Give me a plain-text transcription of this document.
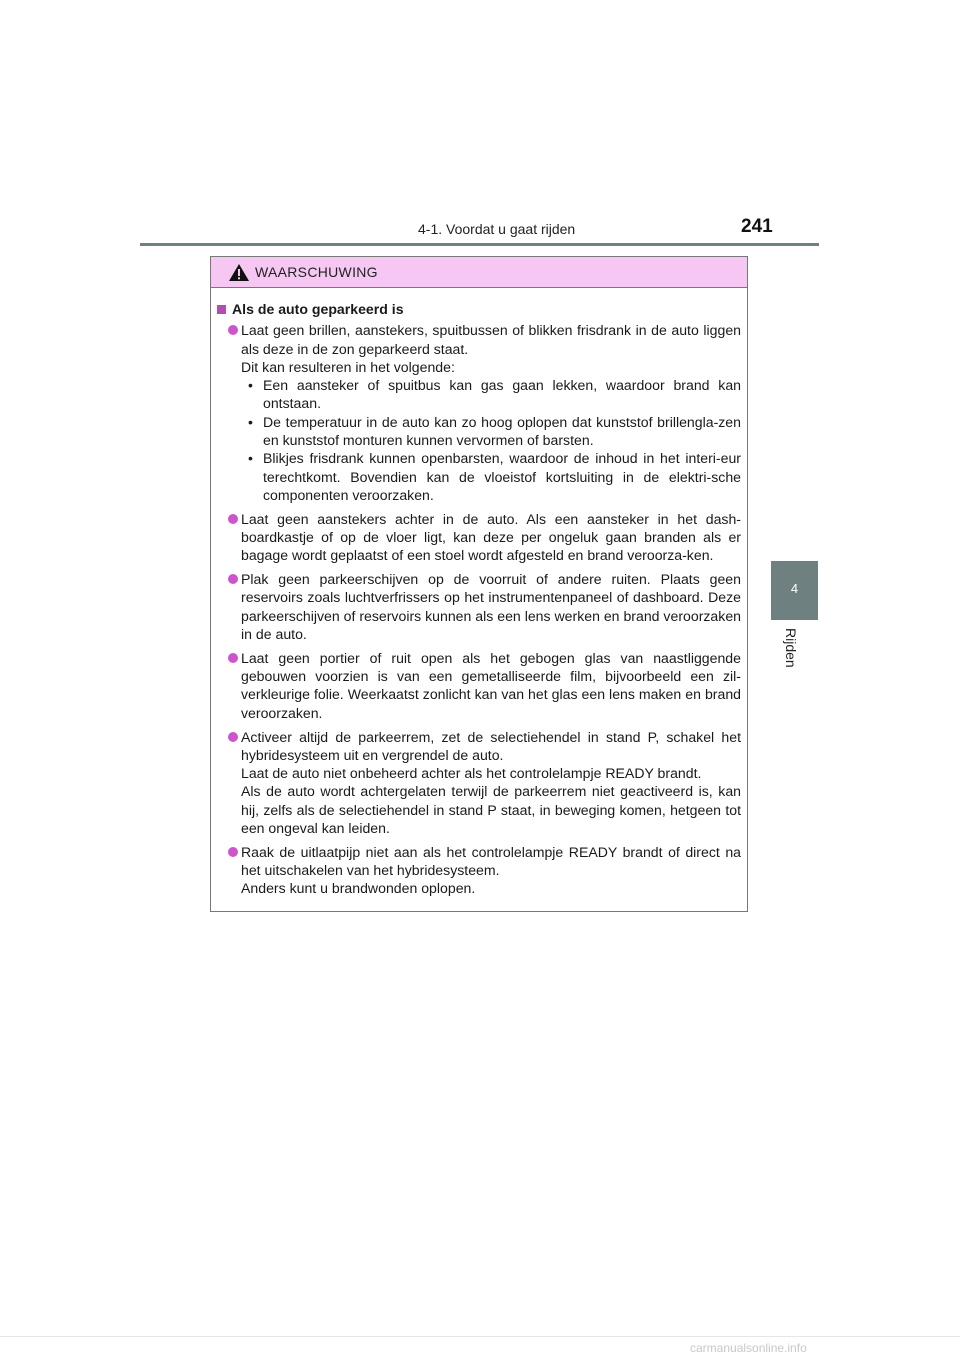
4-1. Voordat u gaat rijden	241
4
Rijden
WAARSCHUWING
Als de auto geparkeerd is
Laat geen brillen, aanstekers, spuitbussen of blikken frisdrank in de auto liggen als deze in de zon geparkeerd staat.
Dit kan resulteren in het volgende:
• Een aansteker of spuitbus kan gas gaan lekken, waardoor brand kan ontstaan.
• De temperatuur in de auto kan zo hoog oplopen dat kunststof brillengla-zen en kunststof monturen kunnen vervormen of barsten.
• Blikjes frisdrank kunnen openbarsten, waardoor de inhoud in het interi-eur terechtkomt. Bovendien kan de vloeistof kortsluiting in de elektri-sche componenten veroorzaken.
Laat geen aanstekers achter in de auto. Als een aansteker in het dash-boardkastje of op de vloer ligt, kan deze per ongeluk gaan branden als er bagage wordt geplaatst of een stoel wordt afgesteld en brand veroorza-ken.
Plak geen parkeerschijven op de voorruit of andere ruiten. Plaats geen reservoirs zoals luchtverfrissers op het instrumentenpaneel of dashboard. Deze parkeerschijven of reservoirs kunnen als een lens werken en brand veroorzaken in de auto.
Laat geen portier of ruit open als het gebogen glas van naastliggende gebouwen voorzien is van een gemetalliseerde film, bijvoorbeeld een zil-verkleurige folie. Weerkaatst zonlicht kan van het glas een lens maken en brand veroorzaken.
Activeer altijd de parkeerrem, zet de selectiehendel in stand P, schakel het hybridesysteem uit en vergrendel de auto.
Laat de auto niet onbeheerd achter als het controlelampje READY brandt.
Als de auto wordt achtergelaten terwijl de parkeerrem niet geactiveerd is, kan hij, zelfs als de selectiehendel in stand P staat, in beweging komen, hetgeen tot een ongeval kan leiden.
Raak de uitlaatpijp niet aan als het controlelampje READY brandt of direct na het uitschakelen van het hybridesysteem.
Anders kunt u brandwonden oplopen.
carmanualsonline.info
